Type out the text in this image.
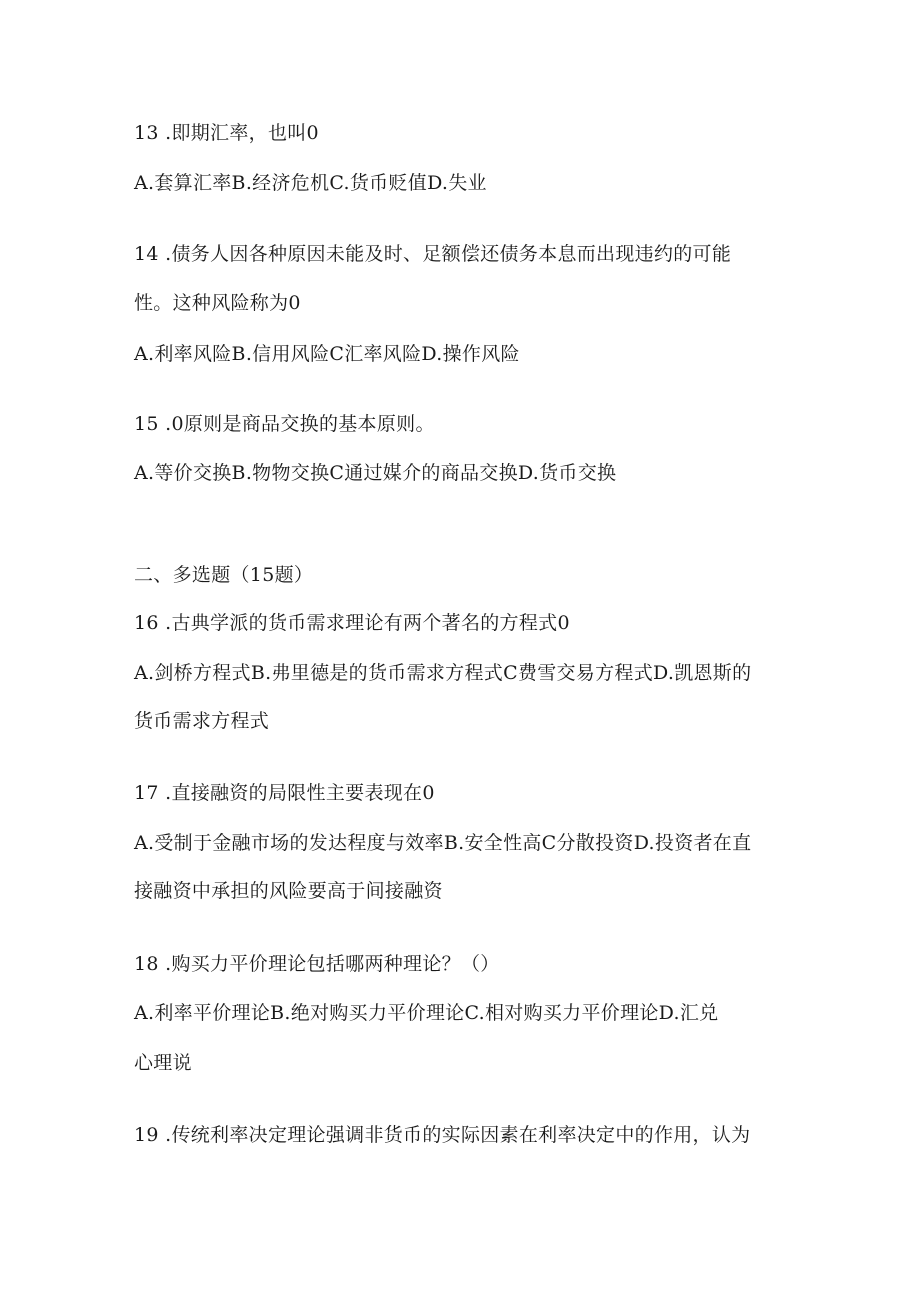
13 .即期汇率，也叫0
A.套算汇率B.经济危机C.货币贬值D.失业
14 .债务人因各种原因未能及时、足额偿还债务本息而出现违约的可能
性。这种风险称为0
A.利率风险B.信用风险C汇率风险D.操作风险
15 .0原则是商品交换的基本原则。
A.等价交换B.物物交换C通过媒介的商品交换D.货币交换
二、多选题（15题）
16 .古典学派的货币需求理论有两个著名的方程式0
A.剑桥方程式B.弗里德是的货币需求方程式C费雪交易方程式D.凯恩斯的
货币需求方程式
17 .直接融资的局限性主要表现在0
A.受制于金融市场的发达程度与效率B.安全性高C分散投资D.投资者在直
接融资中承担的风险要高于间接融资
18 .购买力平价理论包括哪两种理论？（）
A.利率平价理论B.绝对购买力平价理论C.相对购买力平价理论D.汇兑
心理说
19 .传统利率决定理论强调非货币的实际因素在利率决定中的作用，认为
